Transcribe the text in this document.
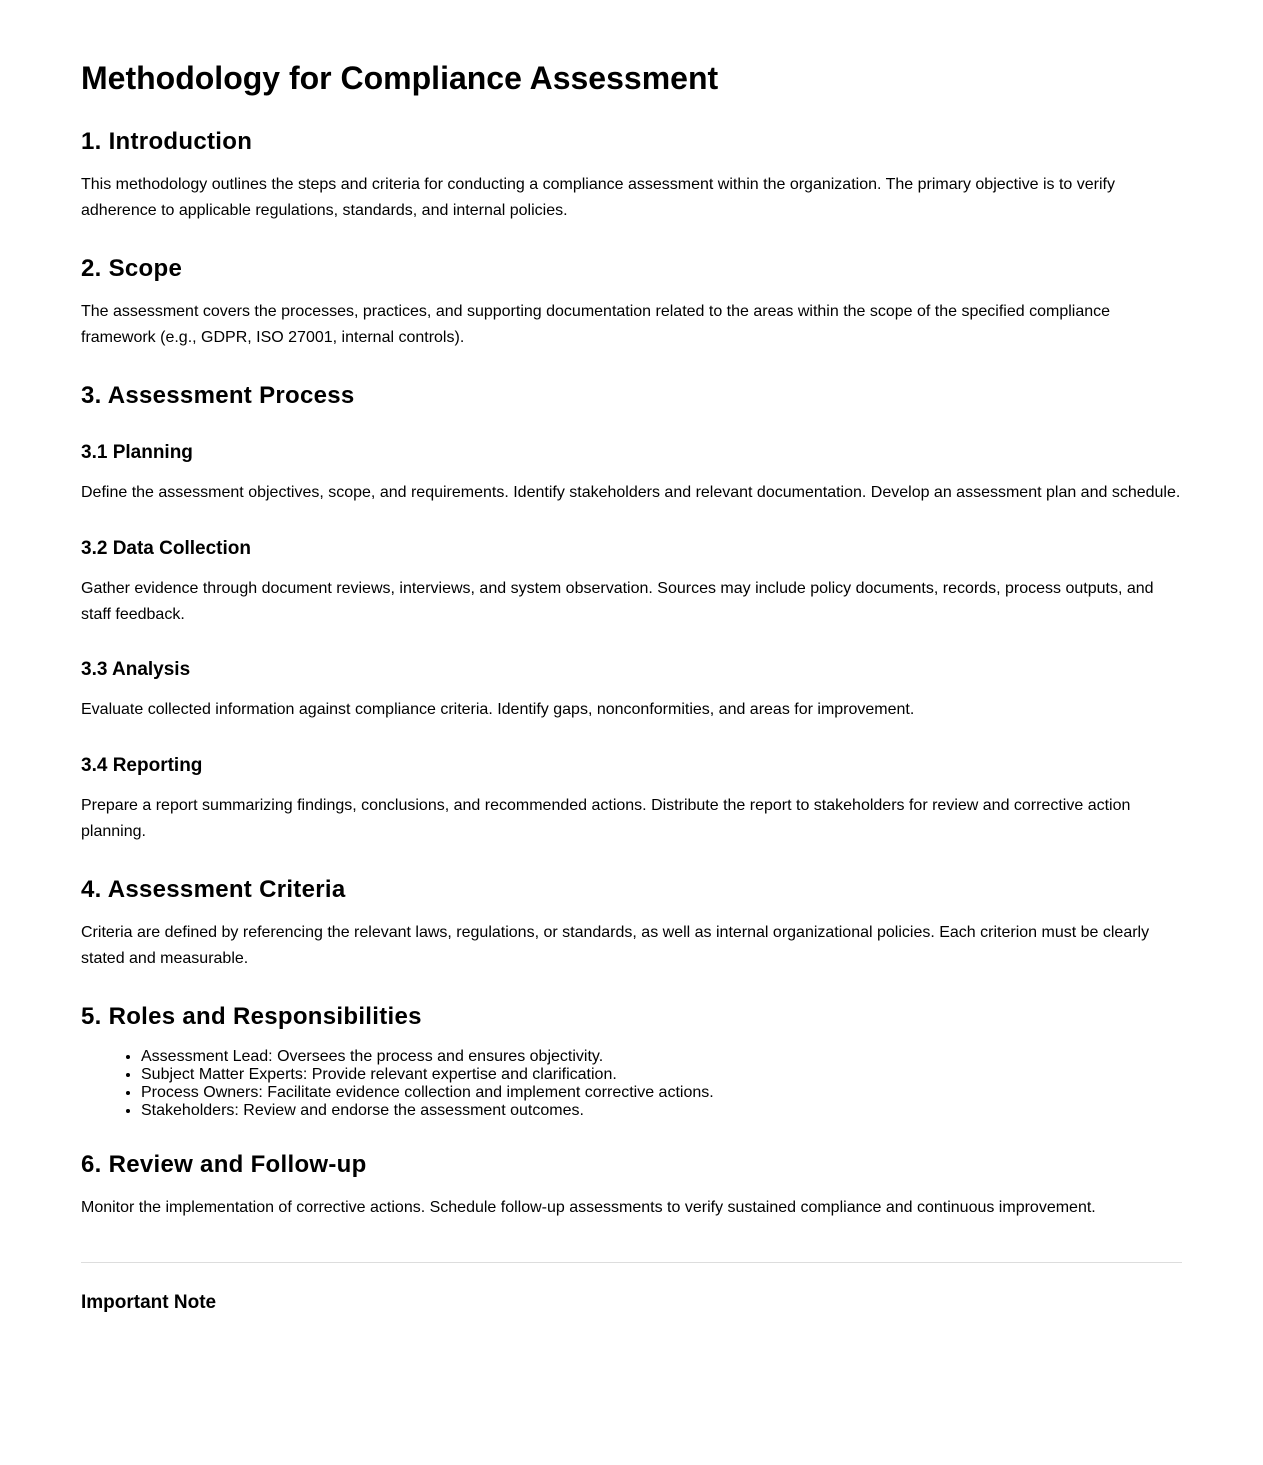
Methodology for Compliance Assessment
1. Introduction

This methodology outlines the steps and criteria for conducting a compliance assessment within the organization. The primary objective is to verify adherence to applicable regulations, standards, and internal policies.

2. Scope

The assessment covers the processes, practices, and supporting documentation related to the areas within the scope of the specified compliance framework (e.g., GDPR, ISO 27001, internal controls).

3. Assessment Process
3.1 Planning

Define the assessment objectives, scope, and requirements. Identify stakeholders and relevant documentation. Develop an assessment plan and schedule.

3.2 Data Collection

Gather evidence through document reviews, interviews, and system observation. Sources may include policy documents, records, process outputs, and staff feedback.

3.3 Analysis

Evaluate collected information against compliance criteria. Identify gaps, nonconformities, and areas for improvement.

3.4 Reporting

Prepare a report summarizing findings, conclusions, and recommended actions. Distribute the report to stakeholders for review and corrective action planning.

4. Assessment Criteria

Criteria are defined by referencing the relevant laws, regulations, or standards, as well as internal organizational policies. Each criterion must be clearly stated and measurable.

5. Roles and Responsibilities
• Assessment Lead: Oversees the process and ensures objectivity.
• Subject Matter Experts: Provide relevant expertise and clarification.
• Process Owners: Facilitate evidence collection and implement corrective actions.
• Stakeholders: Review and endorse the assessment outcomes.
6. Review and Follow-up

Monitor the implementation of corrective actions. Schedule follow-up assessments to verify sustained compliance and continuous improvement.

Important Note
